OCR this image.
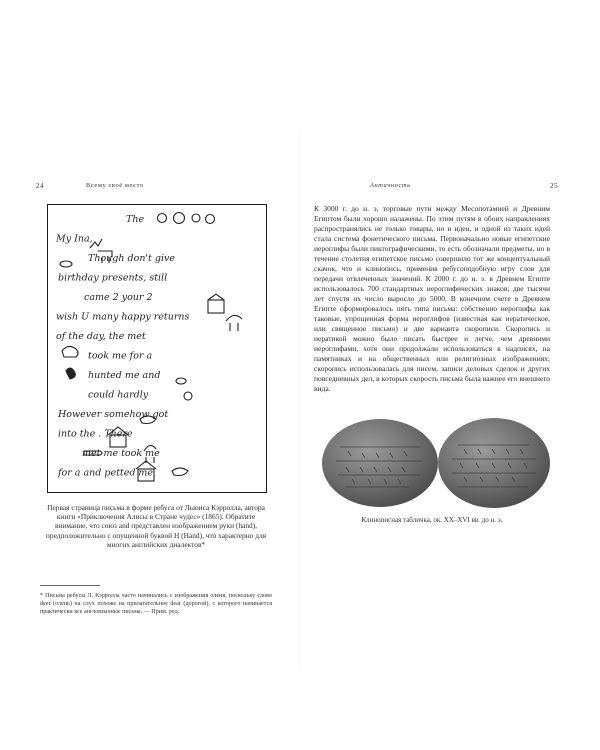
24	Всему своё место
The
My Ina,
Though don't give
birthday presents, still
came 2 your 2
wish U many happy returns
of the day, the met
took me for a
hunted me and
could hardly
However somehow got
into the . There
met me took me
for a and petted me
Первая страница письма в форме ребуса от Льюиса Кэрролла, автора книги «Приключения Алисы в Стране чудес» (1865). Обратите внимание, что союз and представлен изображением руки (hand), предположительно с опущенной буквой Н (Hand), что характерно для многих английских диалектов*
* Письма ребусы Л. Кэрролла часто начинались с изображения оленя, поскольку слово deer (олень) на слух похоже на прилагательное dear (дорогой), с которого начинается практически все англоязычные письма. — Прим. ред.
Античность	25
К 3000 г. до н. э. торговые пути между Месопотамией и Древним Египтом были хорошо налажены. По этим путям в обоих направлениях распространялись не только товары, но и идеи, и одной из таких идей стала система фонетического письма. Первоначально новые египетские иероглифы были пиктографическими, то есть обозначали предметы, но в течение столетия египетское письмо совершило тот же концептуальный скачок, что и клинопись, применив ребусоподобную игру слов для передачи отвлеченных значений. К 2000 г. до н. э. в Древнем Египте использовалось 700 стандартных иероглифических знаков; две тысячи лет спустя их число выросло до 5000. В конечном счете в Древнем Египте сформировалось пять типа письма: собственно иероглифы как таковые, упрощенная форма иероглифов (известная как иератическое, или священное письмо) и две варианта скорописи. Скоропись и иератикой можно было писать быстрее и легче, чем древними иероглифами, хотя они продолжали использоваться в надписях, на памятниках и на общественных или религиозных изображениях; скоропись использовалась для писем, записи деловых сделок и других повседневных дел, в которых скорость письма была важнее его внешнего вида.
Клинописная табличка, ок. XX–XVI вв. до н. э.
